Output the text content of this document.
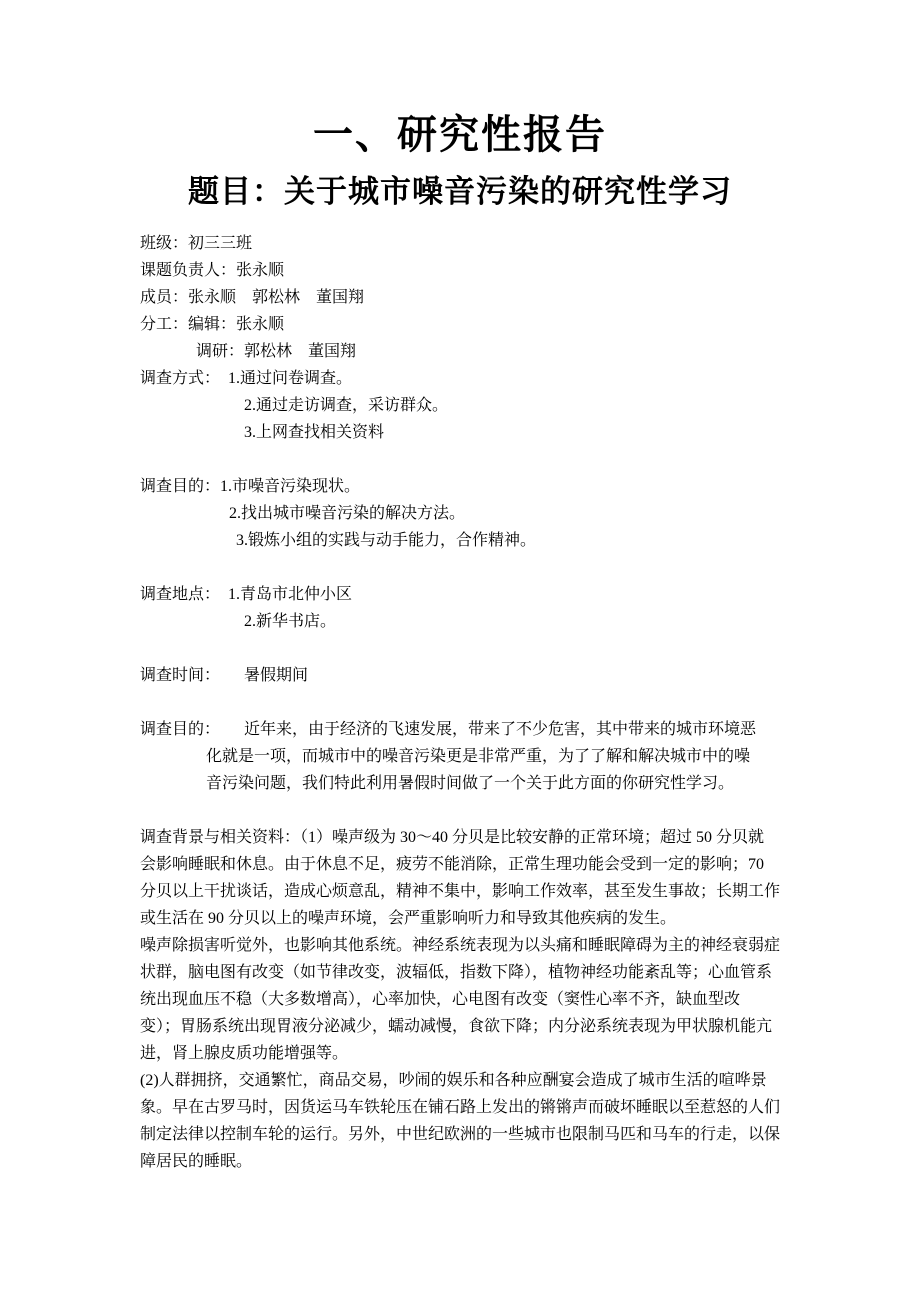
一、研究性报告
题目：关于城市噪音污染的研究性学习
班级：初三三班
课题负责人：张永顺
成员：张永顺　郭松林　董国翔
分工：编辑：张永顺
调研：郭松林　董国翔
调查方式：　1.通过问卷调查。
2.通过走访调查，采访群众。
3.上网查找相关资料
调查目的：1.市噪音污染现状。
2.找出城市噪音污染的解决方法。
3.锻炼小组的实践与动手能力，合作精神。
调查地点：　1.青岛市北仲小区
2.新华书店。
调查时间：　　暑假期间
调查目的：　　近年来，由于经济的飞速发展，带来了不少危害，其中带来的城市环境恶
化就是一项，而城市中的噪音污染更是非常严重，为了了解和解决城市中的噪
音污染问题，我们特此利用暑假时间做了一个关于此方面的你研究性学习。
调查背景与相关资料：（1）噪声级为 30～40 分贝是比较安静的正常环境；超过 50 分贝就
会影响睡眠和休息。由于休息不足，疲劳不能消除，正常生理功能会受到一定的影响；70
分贝以上干扰谈话，造成心烦意乱，精神不集中，影响工作效率，甚至发生事故；长期工作
或生活在 90 分贝以上的噪声环境，会严重影响听力和导致其他疾病的发生。
噪声除损害听觉外，也影响其他系统。神经系统表现为以头痛和睡眠障碍为主的神经衰弱症
状群，脑电图有改变（如节律改变，波辐低，指数下降），植物神经功能紊乱等；心血管系
统出现血压不稳（大多数增高），心率加快，心电图有改变（窦性心率不齐，缺血型改
变）；胃肠系统出现胃液分泌减少，蠕动减慢，食欲下降；内分泌系统表现为甲状腺机能亢
进，肾上腺皮质功能增强等。
(2)人群拥挤，交通繁忙，商品交易，吵闹的娱乐和各种应酬宴会造成了城市生活的喧哗景
象。早在古罗马时，因货运马车铁轮压在铺石路上发出的锵锵声而破坏睡眠以至惹怒的人们
制定法律以控制车轮的运行。另外，中世纪欧洲的一些城市也限制马匹和马车的行走，以保
障居民的睡眠。
